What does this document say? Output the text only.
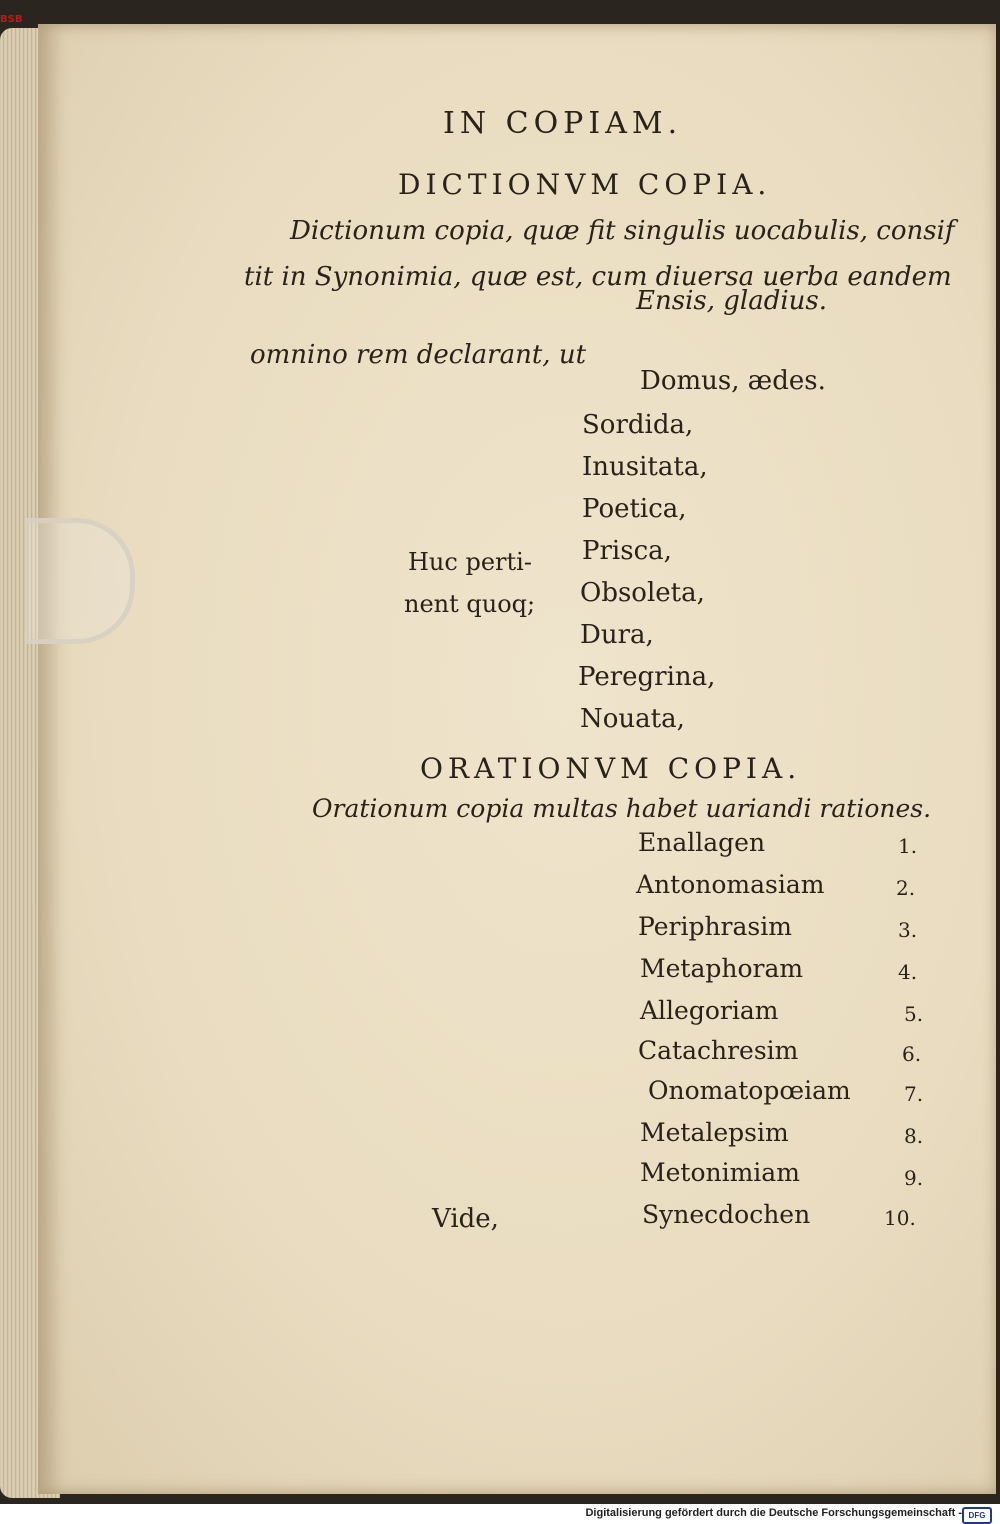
BSB
IN COPIAM.
DICTIONVM COPIA.
Dictionum copia, quæ fit singulis uocabulis, consif
tit in Synonimia, quæ est, cum diuersa uerba eandem
Ensis, gladius.
omnino rem declarant, ut
Domus, ædes.
Sordida,
Inusitata,
Poetica,
Prisca,
Obsoleta,
Dura,
Peregrina,
Nouata,
Huc perti-
nent quoq;
ORATIONVM COPIA.
Orationum copia multas habet uariandi rationes.
Enallagen	1.
Antonomasiam	2.
Periphrasim	3.
Metaphoram	4.
Allegoriam	5.
Catachresim	6.
Onomatopœiam	7.
Metalepsim	8.
Metonimiam	9.
Synecdochen	10.
Vide,
Digitalisierung gefördert durch die Deutsche Forschungsgemeinschaft - DFG
